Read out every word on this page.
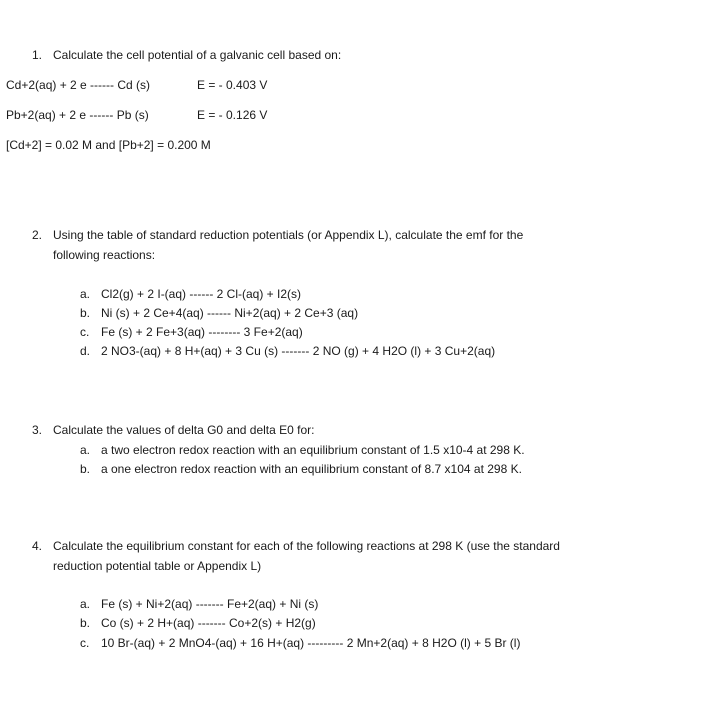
1. Calculate the cell potential of a galvanic cell based on:
Cd+2(aq) + 2 e ------ Cd (s)	E = - 0.403 V
Pb+2(aq) + 2 e ------ Pb (s)	E = - 0.126 V
[Cd+2] = 0.02 M and [Pb+2] = 0.200 M
2. Using the table of standard reduction potentials (or Appendix L), calculate the emf for the
following reactions:
a. Cl2(g) + 2 I-(aq) ------ 2 Cl-(aq) + I2(s)
b. Ni (s) + 2 Ce+4(aq) ------ Ni+2(aq) + 2 Ce+3 (aq)
c. Fe (s) + 2 Fe+3(aq) -------- 3 Fe+2(aq)
d. 2 NO3-(aq) + 8 H+(aq) + 3 Cu (s) ------- 2 NO (g) + 4 H2O (l) + 3 Cu+2(aq)
3. Calculate the values of delta G0 and delta E0 for:
a. a two electron redox reaction with an equilibrium constant of 1.5 x10-4 at 298 K.
b. a one electron redox reaction with an equilibrium constant of 8.7 x104 at 298 K.
4. Calculate the equilibrium constant for each of the following reactions at 298 K (use the standard
reduction potential table or Appendix L)
a. Fe (s) + Ni+2(aq) ------- Fe+2(aq) + Ni (s)
b. Co (s) + 2 H+(aq) ------- Co+2(s) + H2(g)
c. 10 Br-(aq) + 2 MnO4-(aq) + 16 H+(aq) --------- 2 Mn+2(aq) + 8 H2O (l) + 5 Br (l)
